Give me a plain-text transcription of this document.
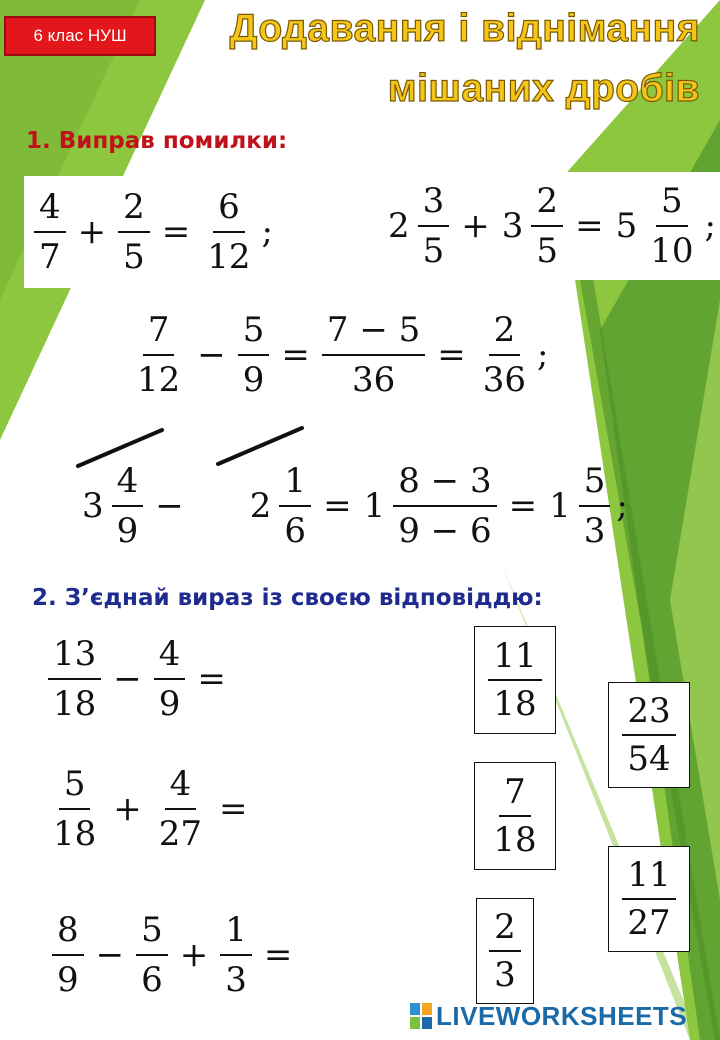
6 клас НУШ	Додавання і віднімання
мішаних дробів
1. Виправ помилки:
$\frac{4}{7} + \frac{2}{5} = \frac{6}{12}$ ;	$2 \frac{3}{5} + 3 \frac{2}{5} = 5 \frac{5}{10}$ ;
$\frac{7}{12} - \frac{5}{9} = \frac{7 - 5}{36} = \frac{2}{36}$ ;
$3 \frac{4}{9} - 2 \frac{1}{6} = 1 \frac{8 - 3}{9 - 6} = 1 \frac{5}{3}$ ;
2. З’єднай вираз із своєю відповіддю:
$\frac{13}{18} - \frac{4}{9}$ =
$\frac{5}{18} + \frac{4}{27}$ =
$\frac{8}{9} - \frac{5}{6} + \frac{1}{3}$ =
$\frac{11}{18}$
$\frac{7}{18}$
$\frac{23}{54}$
$\frac{11}{27}$
$\frac{2}{3}$
LIVEWORKSHEETS
